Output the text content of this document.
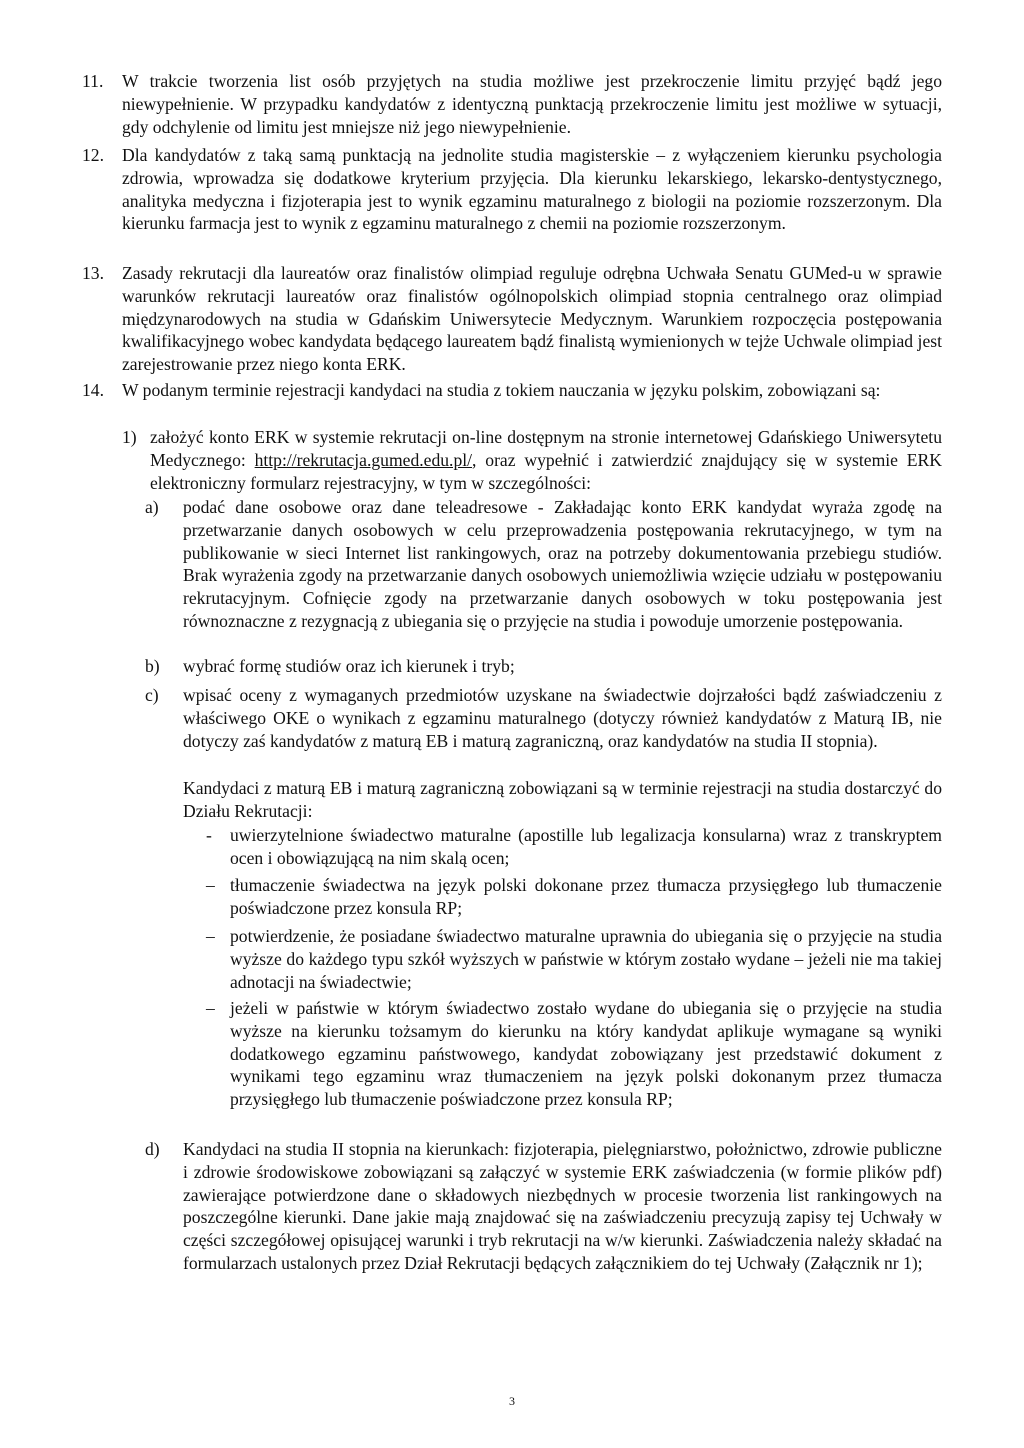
11.	W trakcie tworzenia list osób przyjętych na studia możliwe jest przekroczenie limitu przyjęć bądź jego niewypełnienie. W przypadku kandydatów z identyczną punktacją przekroczenie limitu jest możliwe w sytuacji, gdy odchylenie od limitu jest mniejsze niż jego niewypełnienie.
12.	Dla kandydatów z taką samą punktacją na jednolite studia magisterskie – z wyłączeniem kierunku psychologia zdrowia, wprowadza się dodatkowe kryterium przyjęcia. Dla kierunku lekarskiego, lekarsko-dentystycznego, analityka medyczna i fizjoterapia jest to wynik egzaminu maturalnego z biologii na poziomie rozszerzonym. Dla kierunku farmacja jest to wynik z egzaminu maturalnego z chemii na poziomie rozszerzonym.
13.	Zasady rekrutacji dla laureatów oraz finalistów olimpiad reguluje odrębna Uchwała Senatu GUMed-u w sprawie warunków rekrutacji laureatów oraz finalistów ogólnopolskich olimpiad stopnia centralnego oraz olimpiad międzynarodowych na studia w Gdańskim Uniwersytecie Medycznym. Warunkiem rozpoczęcia postępowania kwalifikacyjnego wobec kandydata będącego laureatem bądź finalistą wymienionych w tejże Uchwale olimpiad jest zarejestrowanie przez niego konta ERK.
14.	W podanym terminie rejestracji kandydaci na studia z tokiem nauczania w języku polskim, zobowiązani są:
1) założyć konto ERK w systemie rekrutacji on-line dostępnym na stronie internetowej Gdańskiego Uniwersytetu Medycznego: http://rekrutacja.gumed.edu.pl/, oraz wypełnić i zatwierdzić znajdujący się w systemie ERK elektroniczny formularz rejestracyjny, w tym w szczególności:
a)	podać dane osobowe oraz dane teleadresowe - Zakładając konto ERK kandydat wyraża zgodę na przetwarzanie danych osobowych w celu przeprowadzenia postępowania rekrutacyjnego, w tym na publikowanie w sieci Internet list rankingowych, oraz na potrzeby dokumentowania przebiegu studiów. Brak wyrażenia zgody na przetwarzanie danych osobowych uniemożliwia wzięcie udziału w postępowaniu rekrutacyjnym. Cofnięcie zgody na przetwarzanie danych osobowych w toku postępowania jest równoznaczne z rezygnacją z ubiegania się o przyjęcie na studia i powoduje umorzenie postępowania.
b)	wybrać formę studiów oraz ich kierunek i tryb;
c)	wpisać oceny z wymaganych przedmiotów uzyskane na świadectwie dojrzałości bądź zaświadczeniu z właściwego OKE o wynikach z egzaminu maturalnego (dotyczy również kandydatów z Maturą IB, nie dotyczy zaś kandydatów z maturą EB i maturą zagraniczną, oraz kandydatów na studia II stopnia).
Kandydaci z maturą EB i maturą zagraniczną zobowiązani są w terminie rejestracji na studia dostarczyć do Działu Rekrutacji:
-	uwierzytelnione świadectwo maturalne (apostille lub legalizacja konsularna) wraz z transkryptem ocen i obowiązującą na nim skalą ocen;
– tłumaczenie świadectwa na język polski dokonane przez tłumacza przysięgłego lub tłumaczenie poświadczone przez konsula RP;
– potwierdzenie, że posiadane świadectwo maturalne uprawnia do ubiegania się o przyjęcie na studia wyższe do każdego typu szkół wyższych w państwie w którym zostało wydane – jeżeli nie ma takiej adnotacji na świadectwie;
– jeżeli w państwie w którym świadectwo zostało wydane do ubiegania się o przyjęcie na studia wyższe na kierunku tożsamym do kierunku na który kandydat aplikuje wymagane są wyniki dodatkowego egzaminu państwowego, kandydat zobowiązany jest przedstawić dokument z wynikami tego egzaminu wraz tłumaczeniem na język polski dokonanym przez tłumacza przysięgłego lub tłumaczenie poświadczone przez konsula RP;
d)	Kandydaci na studia II stopnia na kierunkach: fizjoterapia, pielęgniarstwo, położnictwo, zdrowie publiczne i zdrowie środowiskowe zobowiązani są załączyć w systemie ERK zaświadczenia (w formie plików pdf) zawierające potwierdzone dane o składowych niezbędnych w procesie tworzenia list rankingowych na poszczególne kierunki. Dane jakie mają znajdować się na zaświadczeniu precyzują zapisy tej Uchwały w części szczegółowej opisującej warunki i tryb rekrutacji na w/w kierunki. Zaświadczenia należy składać na formularzach ustalonych przez Dział Rekrutacji będących załącznikiem do tej Uchwały (Załącznik nr 1);
3
